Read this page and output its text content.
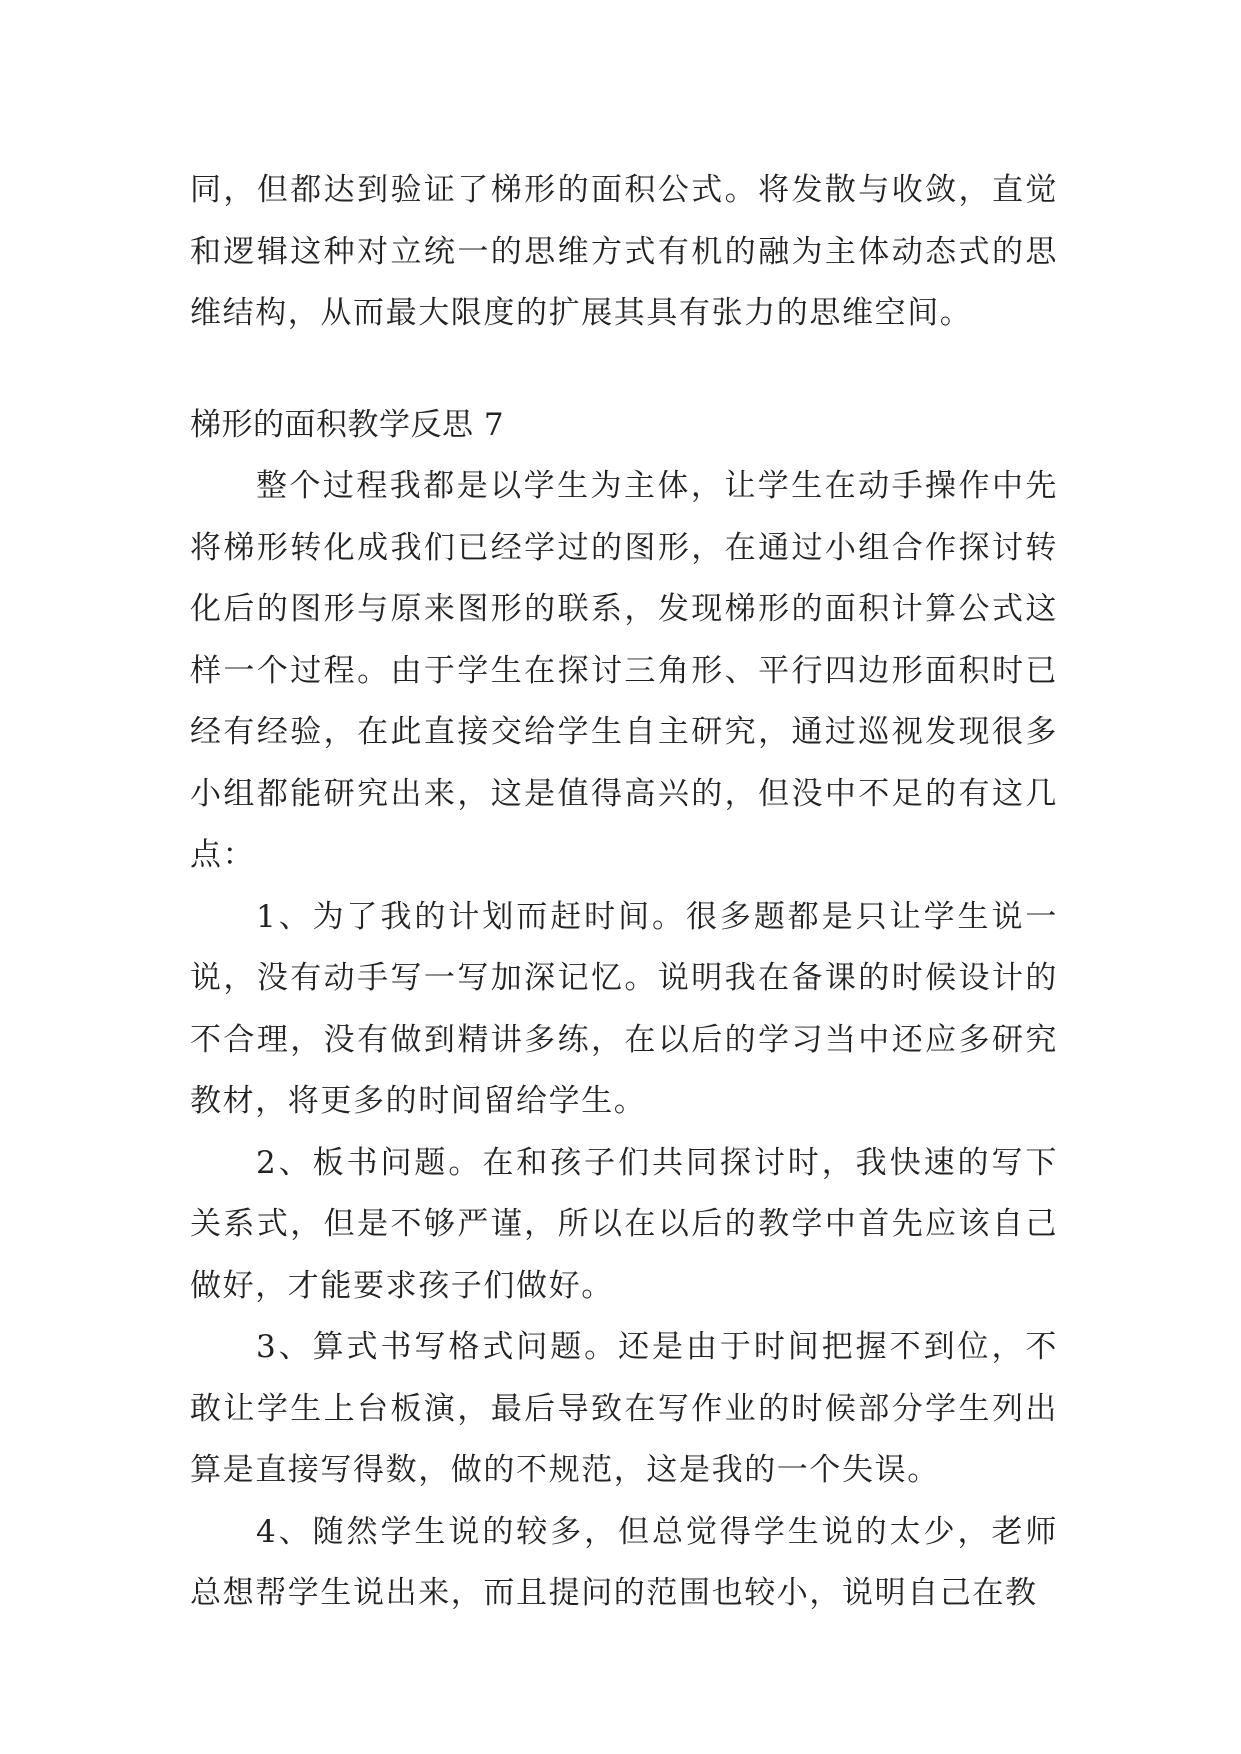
同，但都达到验证了梯形的面积公式。将发散与收敛，直觉和逻辑这种对立统一的思维方式有机的融为主体动态式的思维结构，从而最大限度的扩展其具有张力的思维空间。

梯形的面积教学反思 7

整个过程我都是以学生为主体，让学生在动手操作中先将梯形转化成我们已经学过的图形，在通过小组合作探讨转化后的图形与原来图形的联系，发现梯形的面积计算公式这样一个过程。由于学生在探讨三角形、平行四边形面积时已经有经验，在此直接交给学生自主研究，通过巡视发现很多小组都能研究出来，这是值得高兴的，但没中不足的有这几点：

1、为了我的计划而赶时间。很多题都是只让学生说一说，没有动手写一写加深记忆。说明我在备课的时候设计的不合理，没有做到精讲多练，在以后的学习当中还应多研究教材，将更多的时间留给学生。

2、板书问题。在和孩子们共同探讨时，我快速的写下关系式，但是不够严谨，所以在以后的教学中首先应该自己做好，才能要求孩子们做好。

3、算式书写格式问题。还是由于时间把握不到位，不敢让学生上台板演，最后导致在写作业的时候部分学生列出算是直接写得数，做的不规范，这是我的一个失误。

4、随然学生说的较多，但总觉得学生说的太少，老师总想帮学生说出来，而且提问的范围也较小，说明自己在教
